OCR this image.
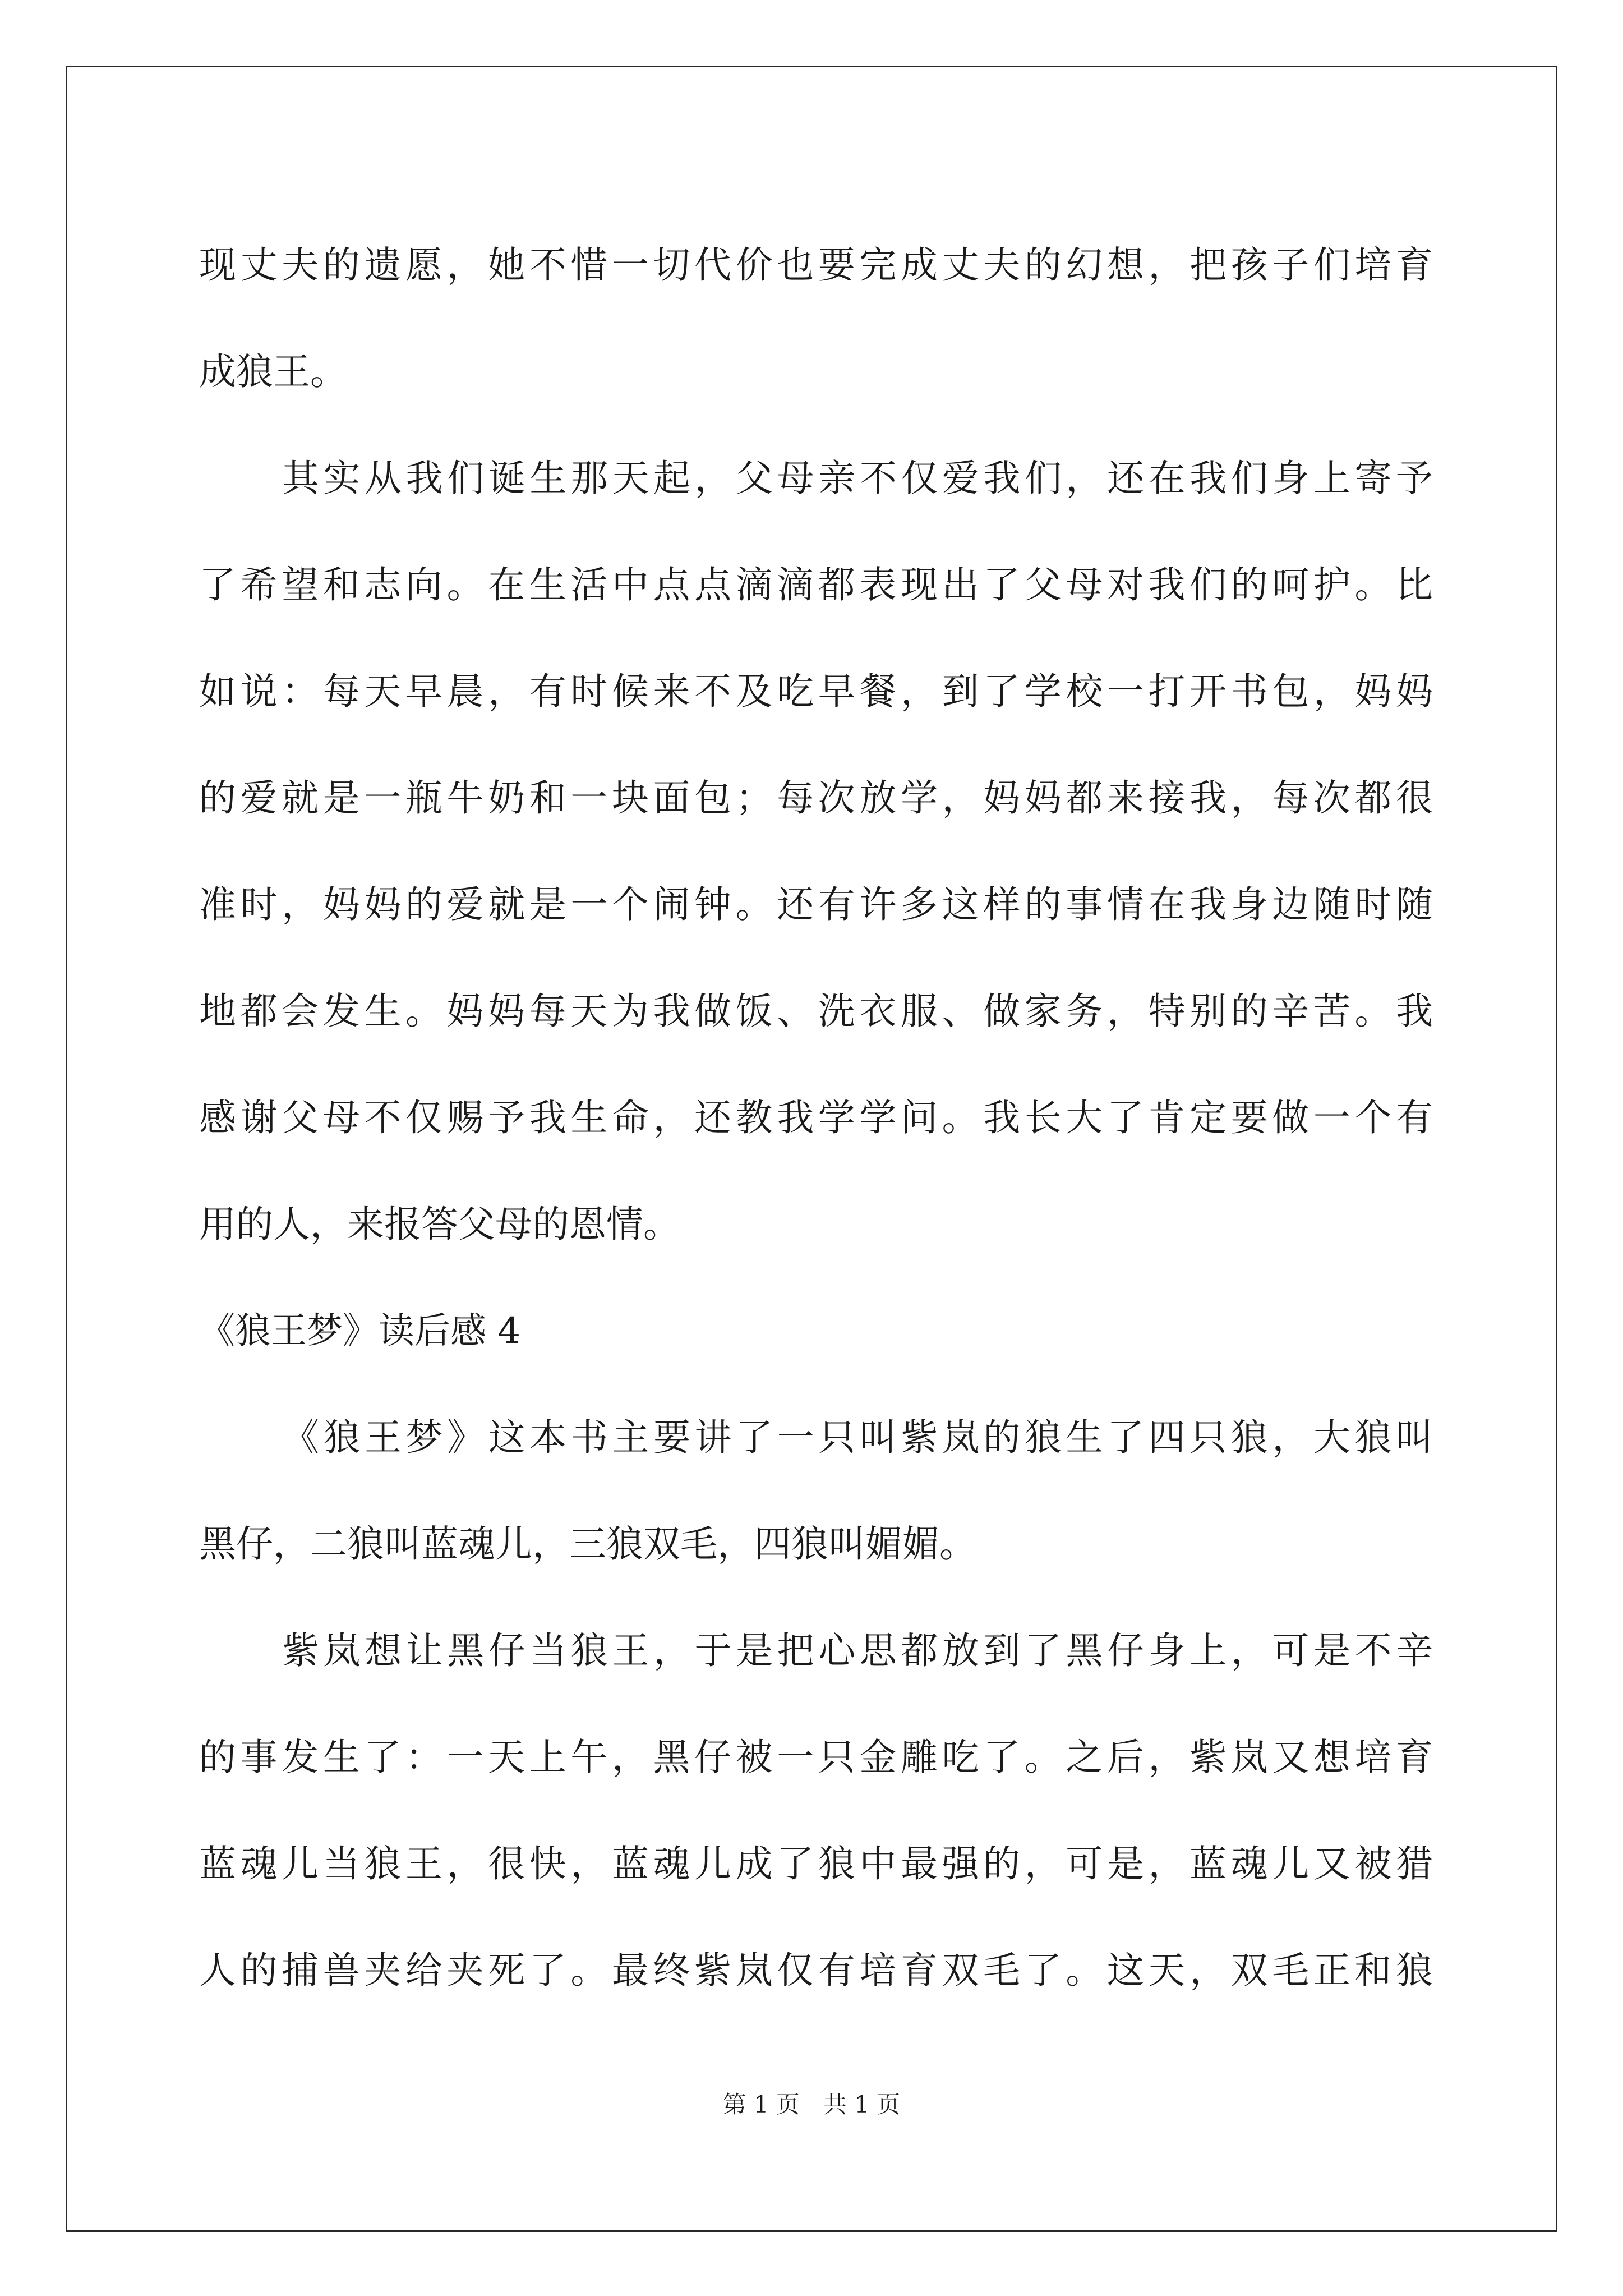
现丈夫的遗愿，她不惜一切代价也要完成丈夫的幻想，把孩子们培育
成狼王。
其实从我们诞生那天起，父母亲不仅爱我们，还在我们身上寄予
了希望和志向。在生活中点点滴滴都表现出了父母对我们的呵护。比
如说：每天早晨，有时候来不及吃早餐，到了学校一打开书包，妈妈
的爱就是一瓶牛奶和一块面包；每次放学，妈妈都来接我，每次都很
准时，妈妈的爱就是一个闹钟。还有许多这样的事情在我身边随时随
地都会发生。妈妈每天为我做饭、洗衣服、做家务，特别的辛苦。我
感谢父母不仅赐予我生命，还教我学学问。我长大了肯定要做一个有
用的人，来报答父母的恩情。
《狼王梦》读后感 4
《狼王梦》这本书主要讲了一只叫紫岚的狼生了四只狼，大狼叫
黑仔，二狼叫蓝魂儿，三狼双毛，四狼叫媚媚。
紫岚想让黑仔当狼王，于是把心思都放到了黑仔身上，可是不辛
的事发生了：一天上午，黑仔被一只金雕吃了。之后，紫岚又想培育
蓝魂儿当狼王，很快，蓝魂儿成了狼中最强的，可是，蓝魂儿又被猎
人的捕兽夹给夹死了。最终紫岚仅有培育双毛了。这天，双毛正和狼
第 1 页　共 1 页
